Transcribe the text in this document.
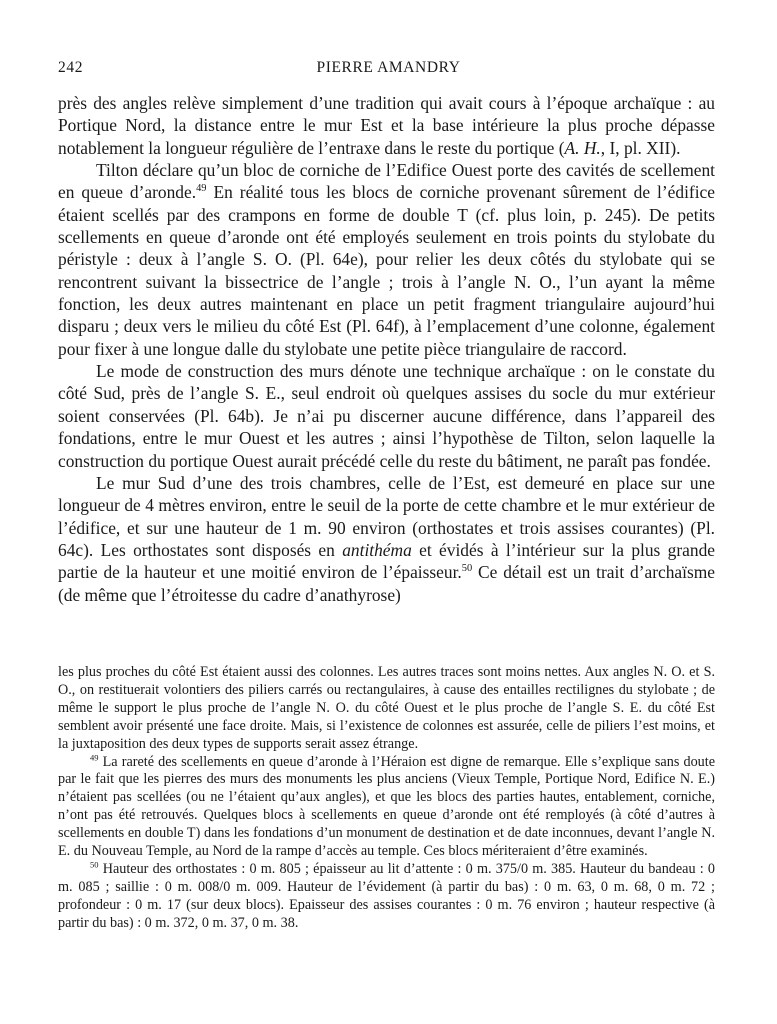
242	PIERRE AMANDRY

près des angles relève simplement d’une tradition qui avait cours à l’époque archaïque : au Portique Nord, la distance entre le mur Est et la base intérieure la plus proche dépasse notablement la longueur régulière de l’entraxe dans le reste du portique (A. H., I, pl. XII).

Tilton déclare qu’un bloc de corniche de l’Edifice Ouest porte des cavités de scellement en queue d’aronde.$^{49}$ En réalité tous les blocs de corniche provenant sûrement de l’édifice étaient scellés par des crampons en forme de double T (cf. plus loin, p. 245). De petits scellements en queue d’aronde ont été employés seulement en trois points du stylobate du péristyle : deux à l’angle S. O. (Pl. 64e), pour relier les deux côtés du stylobate qui se rencontrent suivant la bissectrice de l’angle ; trois à l’angle N. O., l’un ayant la même fonction, les deux autres maintenant en place un petit fragment triangulaire aujourd’hui disparu ; deux vers le milieu du côté Est (Pl. 64f), à l’emplacement d’une colonne, également pour fixer à une longue dalle du stylobate une petite pièce triangulaire de raccord.

Le mode de construction des murs dénote une technique archaïque : on le constate du côté Sud, près de l’angle S. E., seul endroit où quelques assises du socle du mur extérieur soient conservées (Pl. 64b). Je n’ai pu discerner aucune différence, dans l’appareil des fondations, entre le mur Ouest et les autres ; ainsi l’hypothèse de Tilton, selon laquelle la construction du portique Ouest aurait précédé celle du reste du bâtiment, ne paraît pas fondée.

Le mur Sud d’une des trois chambres, celle de l’Est, est demeuré en place sur une longueur de 4 mètres environ, entre le seuil de la porte de cette chambre et le mur extérieur de l’édifice, et sur une hauteur de 1 m. 90 environ (orthostates et trois assises courantes) (Pl. 64c). Les orthostates sont disposés en antithéma et évidés à l’intérieur sur la plus grande partie de la hauteur et une moitié environ de l’épaisseur.$^{50}$ Ce détail est un trait d’archaïsme (de même que l’étroitesse du cadre d’anathyrose)

les plus proches du côté Est étaient aussi des colonnes. Les autres traces sont moins nettes. Aux angles N. O. et S. O., on restituerait volontiers des piliers carrés ou rectangulaires, à cause des entailles rectilignes du stylobate ; de même le support le plus proche de l’angle N. O. du côté Ouest et le plus proche de l’angle S. E. du côté Est semblent avoir présenté une face droite. Mais, si l’existence de colonnes est assurée, celle de piliers l’est moins, et la juxtaposition des deux types de supports serait assez étrange.

$^{49}$ La rareté des scellements en queue d’aronde à l’Héraion est digne de remarque. Elle s’explique sans doute par le fait que les pierres des murs des monuments les plus anciens (Vieux Temple, Portique Nord, Edifice N. E.) n’étaient pas scellées (ou ne l’étaient qu’aux angles), et que les blocs des parties hautes, entablement, corniche, n’ont pas été retrouvés. Quelques blocs à scellements en queue d’aronde ont été remployés (à côté d’autres à scellements en double T) dans les fondations d’un monument de destination et de date inconnues, devant l’angle N. E. du Nouveau Temple, au Nord de la rampe d’accès au temple. Ces blocs mériteraient d’être examinés.

$^{50}$ Hauteur des orthostates : 0 m. 805 ; épaisseur au lit d’attente : 0 m. 375/0 m. 385. Hauteur du bandeau : 0 m. 085 ; saillie : 0 m. 008/0 m. 009. Hauteur de l’évidement (à partir du bas) : 0 m. 63, 0 m. 68, 0 m. 72 ; profondeur : 0 m. 17 (sur deux blocs). Epaisseur des assises courantes : 0 m. 76 environ ; hauteur respective (à partir du bas) : 0 m. 372, 0 m. 37, 0 m. 38.
